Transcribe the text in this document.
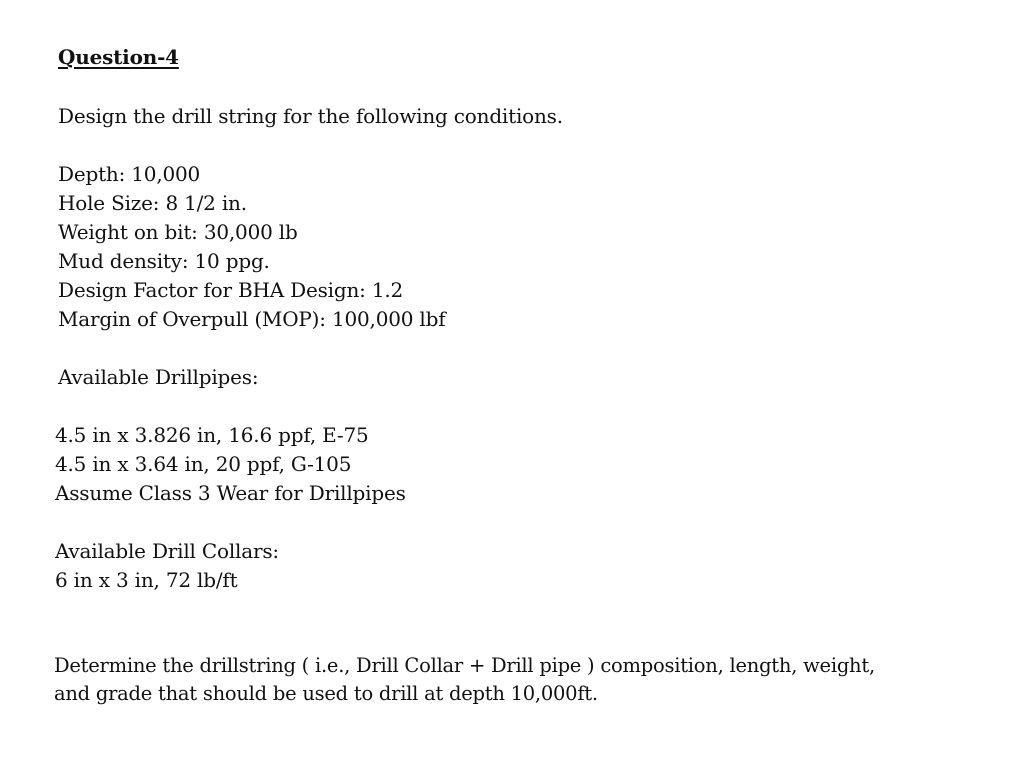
Question-4
Design the drill string for the following conditions.
Depth: 10,000
Hole Size: 8 1/2 in.
Weight on bit: 30,000 lb
Mud density: 10 ppg.
Design Factor for BHA Design: 1.2
Margin of Overpull (MOP): 100,000 lbf
Available Drillpipes:
4.5 in x 3.826 in, 16.6 ppf, E-75
4.5 in x 3.64 in, 20 ppf, G-105
Assume Class 3 Wear for Drillpipes
Available Drill Collars:
6 in x 3 in, 72 lb/ft
Determine the drillstring ( i.e., Drill Collar + Drill pipe ) composition, length, weight,
and grade that should be used to drill at depth 10,000ft.
